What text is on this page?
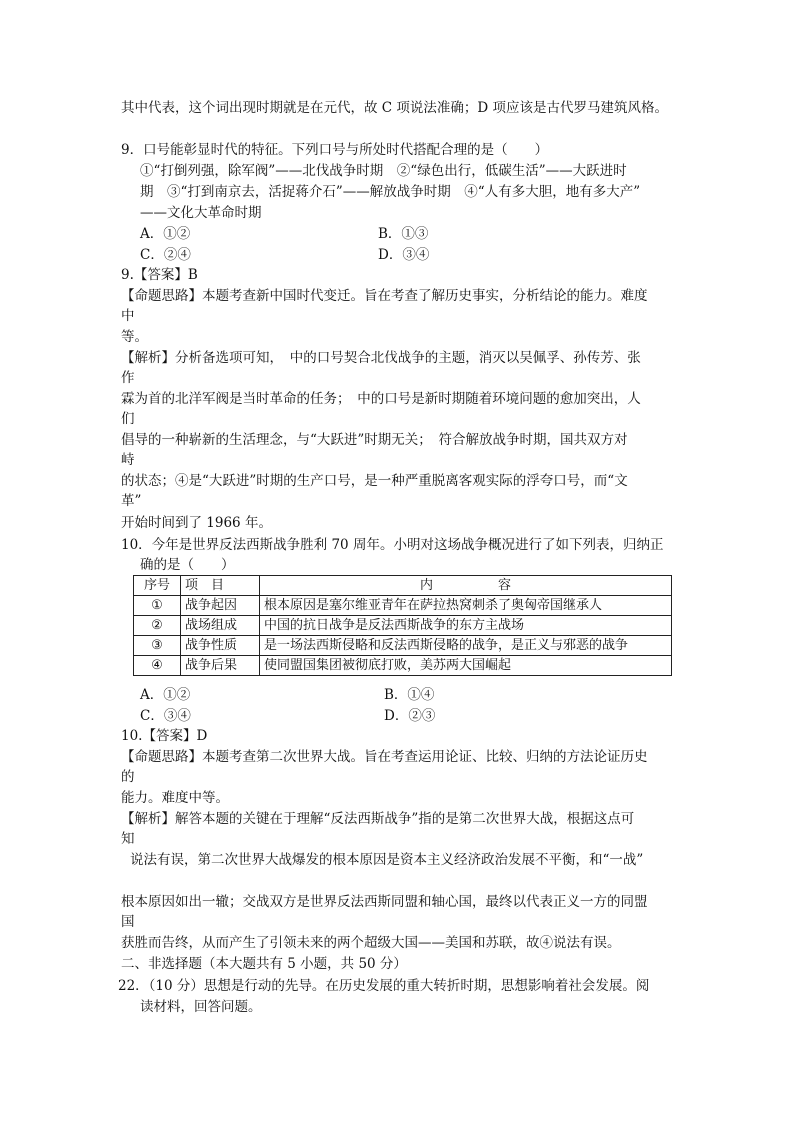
其中代表，这个词出现时期就是在元代，故 C 项说法准确；D 项应该是古代罗马建筑风格。
9．口号能彰显时代的特征。下列口号与所处时代搭配合理的是（　　）
①“打倒列强，除军阀”——北伐战争时期　②“绿色出行，低碳生活”——大跃进时
期　③“打到南京去，活捉蒋介石”——解放战争时期　④“人有多大胆，地有多大产”
——文化大革命时期
A．①②	B．①③
C．②④	D．③④
9.【答案】B
【命题思路】本题考查新中国时代变迁。旨在考查了解历史事实，分析结论的能力。难度
中
等。
【解析】分析备选项可知，　中的口号契合北伐战争的主题，消灭以吴佩孚、孙传芳、张
作
霖为首的北洋军阀是当时革命的任务；　中的口号是新时期随着环境问题的愈加突出，人
们
倡导的一种崭新的生活理念，与“大跃进”时期无关；　符合解放战争时期，国共双方对
峙
的状态；④是“大跃进”时期的生产口号，是一种严重脱离客观实际的浮夸口号，而“文
革”
开始时间到了 1966 年。
10．今年是世界反法西斯战争胜利 70 周年。小明对这场战争概况进行了如下列表，归纳正
确的是（　　）
序号	项　目	内　　　　　容
①	战争起因	根本原因是塞尔维亚青年在萨拉热窝刺杀了奥匈帝国继承人
②	战场组成	中国的抗日战争是反法西斯战争的东方主战场
③	战争性质	是一场法西斯侵略和反法西斯侵略的战争，是正义与邪恶的战争
④	战争后果	使同盟国集团被彻底打败，美苏两大国崛起
A．①②	B．①④
C．③④	D．②③
10.【答案】D
【命题思路】本题考查第二次世界大战。旨在考查运用论证、比较、归纳的方法论证历史
的
能力。难度中等。
【解析】解答本题的关键在于理解“反法西斯战争”指的是第二次世界大战，根据这点可
知
说法有误，第二次世界大战爆发的根本原因是资本主义经济政治发展不平衡，和“一战”
根本原因如出一辙；交战双方是世界反法西斯同盟和轴心国，最终以代表正义一方的同盟
国
获胜而告终，从而产生了引领未来的两个超级大国——美国和苏联，故④说法有误。
二、非选择题（本大题共有 5 小题，共 50 分）
22．（10 分）思想是行动的先导。在历史发展的重大转折时期，思想影响着社会发展。阅
读材料，回答问题。
